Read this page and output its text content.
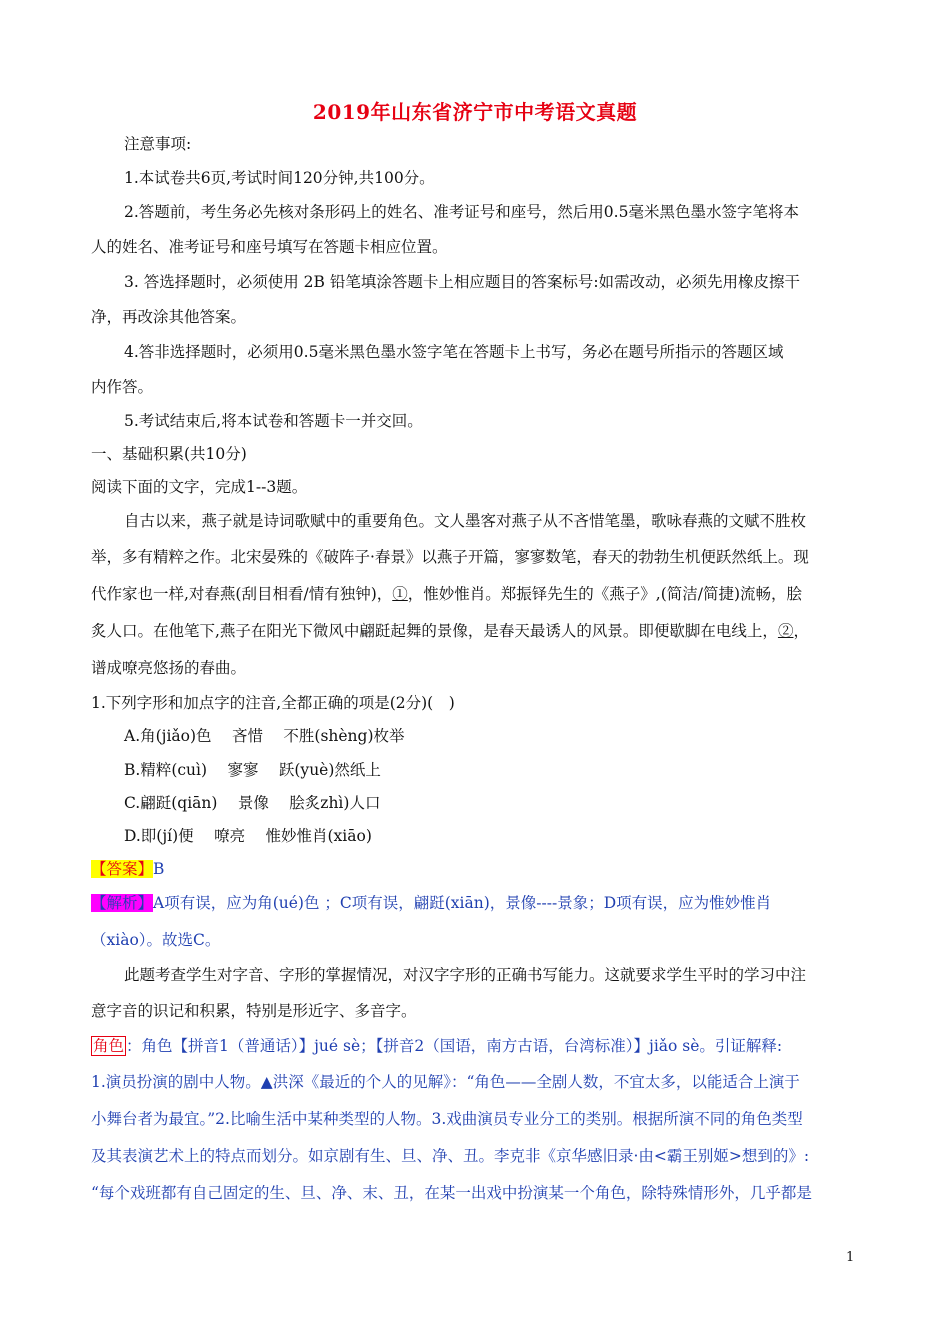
2019年山东省济宁市中考语文真题
注意事项:
1.本试卷共6页,考试时间120分钟,共100分。
2.答题前，考生务必先核对条形码上的姓名、准考证号和座号，然后用0.5毫米黑色墨水签字笔将本
人的姓名、准考证号和座号填写在答题卡相应位置。
3. 答选择题时，必须使用 2B 铅笔填涂答题卡上相应题目的答案标号:如需改动，必须先用橡皮擦干
净，再改涂其他答案。
4.答非选择题时，必须用0.5毫米黑色墨水签字笔在答题卡上书写，务必在题号所指示的答题区域
内作答。
5.考试结束后,将本试卷和答题卡一并交回。
一、基础积累(共10分)
阅读下面的文字，完成1--3题。
自古以来，燕子就是诗词歌赋中的重要角色。文人墨客对燕子从不吝惜笔墨，歌咏春燕的文赋不胜枚
举，多有精粹之作。北宋晏殊的《破阵子·春景》以燕子开篇，寥寥数笔，春天的勃勃生机便跃然纸上。现
代作家也一样,对春燕(刮目相看/情有独钟)，①，惟妙惟肖。郑振铎先生的《燕子》,(简洁/简捷)流畅，脍
炙人口。在他笔下,燕子在阳光下微风中翩跹起舞的景像，是春天最诱人的风景。即便歇脚在电线上，②，
谱成嘹亮悠扬的春曲。
1.下列字形和加点字的注音,全都正确的项是(2分)(　)
A.角(jiǎo)色　 吝惜　 不胜(shèng)枚举
B.精粹(cuì)　 寥寥　 跃(yuè)然纸上
C.翩跹(qiān)　 景像　 脍炙zhì)人口
D.即(jí)便　 嘹亮　 惟妙惟肖(xiāo)
【答案】B
【解析】A项有误，应为角(ué)色 ；C项有误，翩跹(xiān)，景像----景象；D项有误，应为惟妙惟肖
（xiào）。故选C。
此题考查学生对字音、字形的掌握情况，对汉字字形的正确书写能力。这就要求学生平时的学习中注
意字音的识记和积累，特别是形近字、多音字。
角色 ：角色【拼音1（普通话）】jué sè；【拼音2（国语，南方古语，台湾标准）】jiǎo sè。引证解释:
1.演员扮演的剧中人物。▲洪深《最近的个人的见解》：“角色——全剧人数，不宜太多，以能适合上演于
小舞台者为最宜。”2.比喻生活中某种类型的人物。3.戏曲演员专业分工的类别。根据所演不同的角色类型
及其表演艺术上的特点而划分。如京剧有生、旦、净、丑。李克非《京华感旧录·由<霸王别姬>想到的》:
“每个戏班都有自己固定的生、旦、净、末、丑，在某一出戏中扮演某一个角色，除特殊情形外，几乎都是
1
